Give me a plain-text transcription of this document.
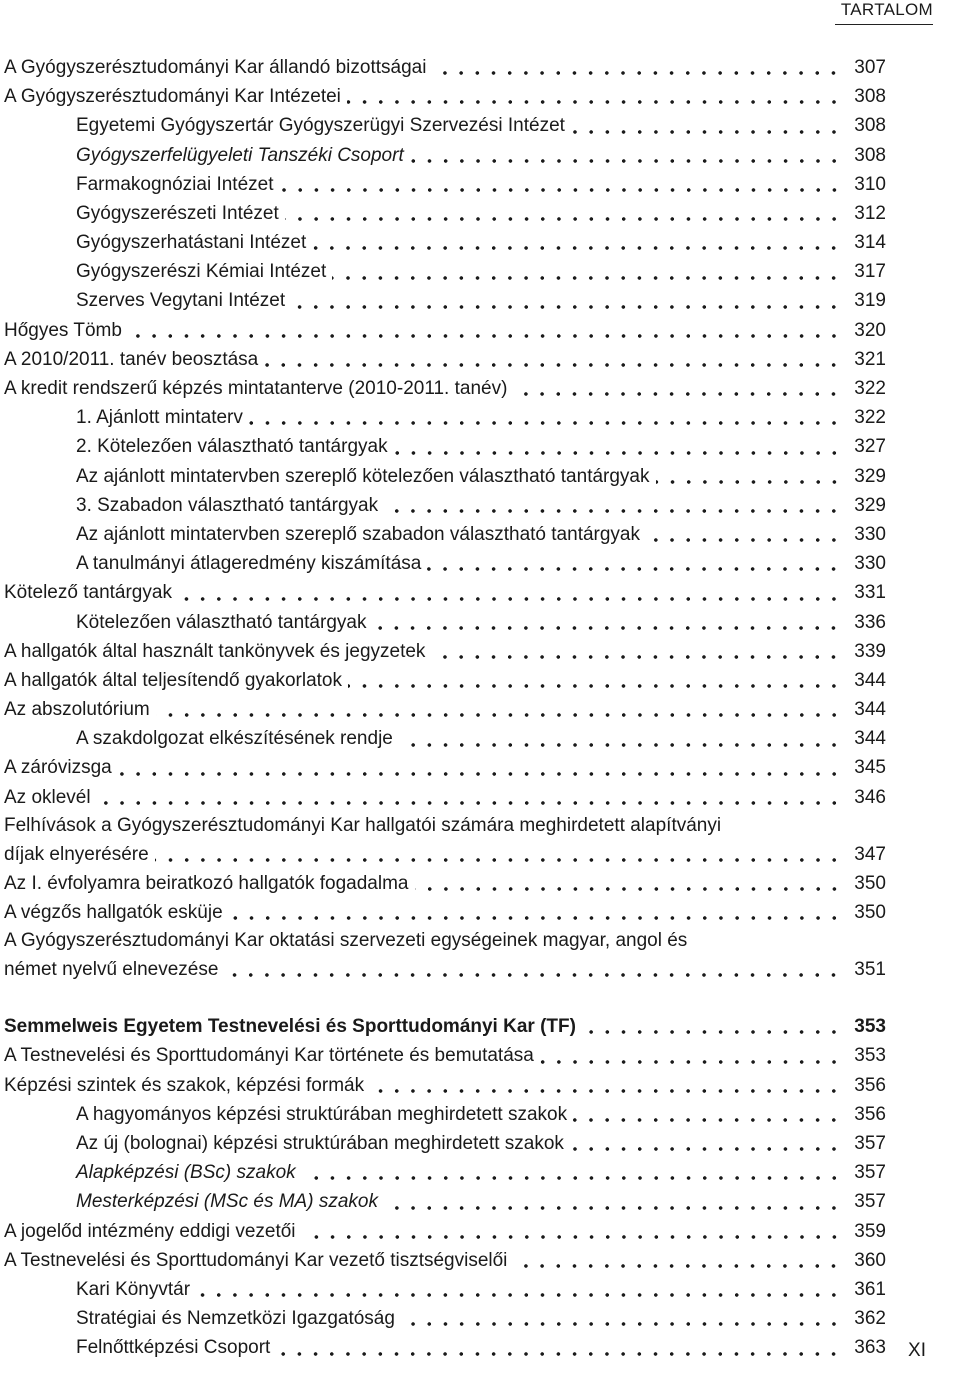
TARTALOM
A Gyógyszerésztudományi Kar állandó bizottságai	307
A Gyógyszerésztudományi Kar Intézetei	308
Egyetemi Gyógyszertár Gyógyszerügyi Szervezési Intézet	308
Gyógyszerfelügyeleti Tanszéki Csoport	308
Farmakognóziai Intézet	310
Gyógyszerészeti Intézet	312
Gyógyszerhatástani Intézet	314
Gyógyszerészi Kémiai Intézet	317
Szerves Vegytani Intézet	319
Hőgyes Tömb	320
A 2010/2011. tanév beosztása	321
A kredit rendszerű képzés mintatanterve (2010-2011. tanév)	322
1. Ajánlott mintaterv	322
2. Kötelezően választható tantárgyak	327
Az ajánlott mintatervben szereplő kötelezően választható tantárgyak	329
3. Szabadon választható tantárgyak	329
Az ajánlott mintatervben szereplő szabadon választható tantárgyak	330
A tanulmányi átlageredmény kiszámítása	330
Kötelező tantárgyak	331
Kötelezően választható tantárgyak	336
A hallgatók által használt tankönyvek és jegyzetek	339
A hallgatók által teljesítendő gyakorlatok	344
Az abszolutórium	344
A szakdolgozat elkészítésének rendje	344
A záróvizsga	345
Az oklevél	346
Felhívások a Gyógyszerésztudományi Kar hallgatói számára meghirdetett alapítványi
díjak elnyerésére	347
Az I. évfolyamra beiratkozó hallgatók fogadalma	350
A végzős hallgatók esküje	350
A Gyógyszerésztudományi Kar oktatási szervezeti egységeinek magyar, angol és
német nyelvű elnevezése	351
Semmelweis Egyetem Testnevelési és Sporttudományi Kar (TF)	353
A Testnevelési és Sporttudományi Kar története és bemutatása	353
Képzési szintek és szakok, képzési formák	356
A hagyományos képzési struktúrában meghirdetett szakok	356
Az új (bolognai) képzési struktúrában meghirdetett szakok	357
Alapképzési (BSc) szakok	357
Mesterképzési (MSc és MA) szakok	357
A jogelőd intézmény eddigi vezetői	359
A Testnevelési és Sporttudományi Kar vezető tisztségviselői	360
Kari Könyvtár	361
Stratégiai és Nemzetközi Igazgatóság	362
Felnőttképzési Csoport	363 XI
